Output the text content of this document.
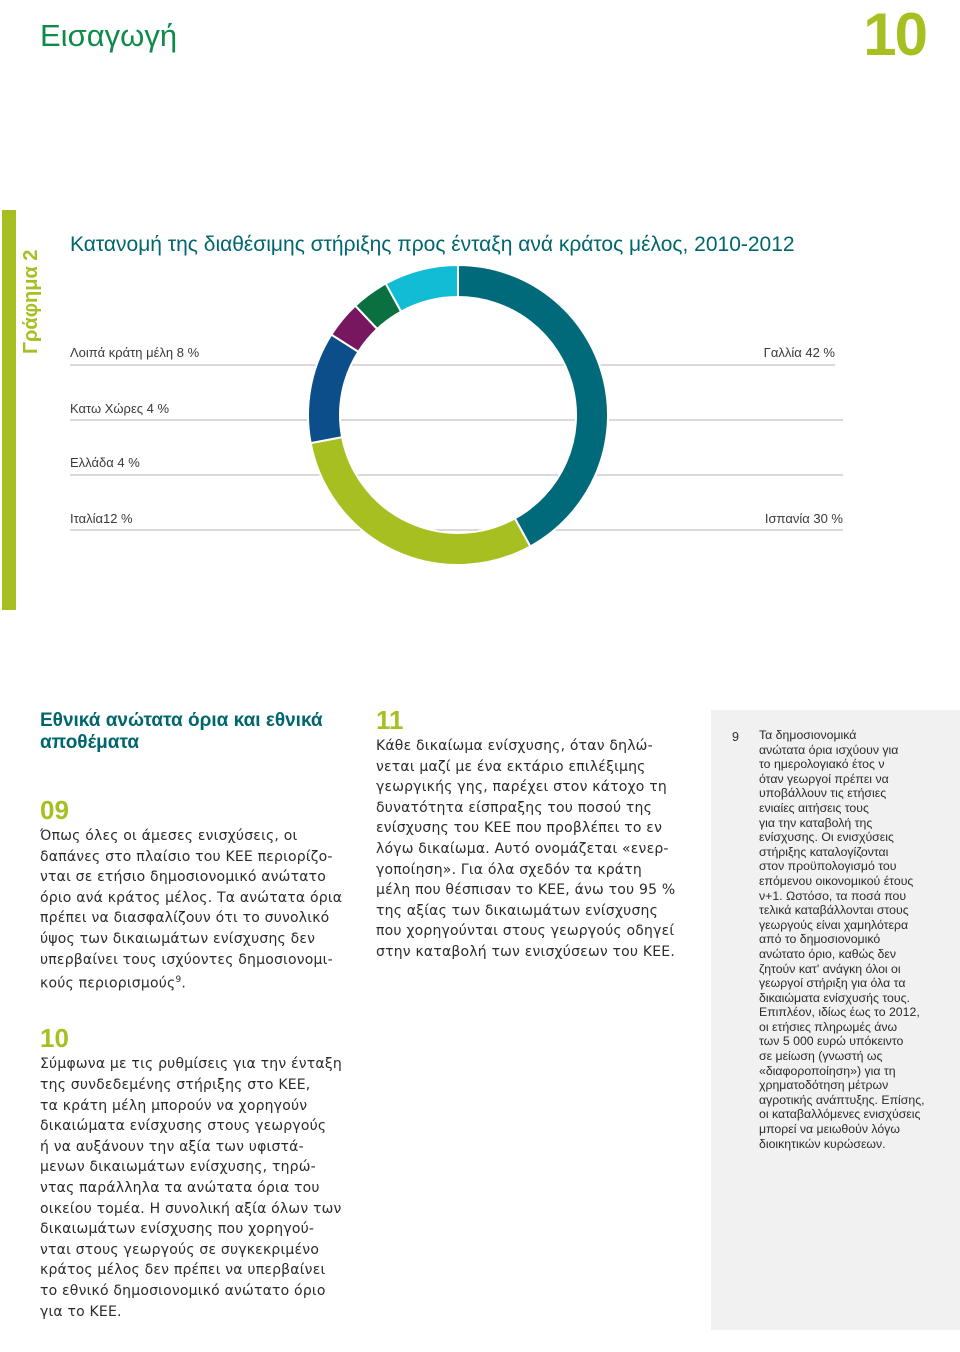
Εισαγωγή	10
Γράφημα 2
Κατανομή της διαθέσιμης στήριξης προς ένταξη ανά κράτος μέλος, 2010-2012
Γαλλία 42 %
Ισπανία 30 %
Ιταλία12 %
Ελλάδα 4 %
Κατω Χώρες 4 %
Λοιπά κράτη μέλη 8 %
Εθνικά ανώτατα όρια και εθνικά αποθέματα

09

Όπως όλες οι άμεσες ενισχύσεις, οι
δαπάνες στο πλαίσιο του ΚΕΕ περιορίζο-
νται σε ετήσιο δημοσιονομικό ανώτατο
όριο ανά κράτος μέλος. Τα ανώτατα όρια
πρέπει να διασφαλίζουν ότι το συνολικό
ύψος των δικαιωμάτων ενίσχυσης δεν
υπερβαίνει τους ισχύοντες δημοσιονομι-
κούς περιορισμούς$^9$.

10

Σύμφωνα με τις ρυθμίσεις για την ένταξη
της συνδεδεμένης στήριξης στο ΚΕΕ,
τα κράτη μέλη μπορούν να χορηγούν
δικαιώματα ενίσχυσης στους γεωργούς
ή να αυξάνουν την αξία των υφιστά-
μενων δικαιωμάτων ενίσχυσης, τηρώ-
ντας παράλληλα τα ανώτατα όρια του
οικείου τομέα. Η συνολική αξία όλων των
δικαιωμάτων ενίσχυσης που χορηγού-
νται στους γεωργούς σε συγκεκριμένο
κράτος μέλος δεν πρέπει να υπερβαίνει
το εθνικό δημοσιονομικό ανώτατο όριο
για το ΚΕΕ.

11

Κάθε δικαίωμα ενίσχυσης, όταν δηλώ-
νεται μαζί με ένα εκτάριο επιλέξιμης
γεωργικής γης, παρέχει στον κάτοχο τη
δυνατότητα είσπραξης του ποσού της
ενίσχυσης του ΚΕΕ που προβλέπει το εν
λόγω δικαίωμα. Αυτό ονομάζεται «ενερ-
γοποίηση». Για όλα σχεδόν τα κράτη
μέλη που θέσπισαν το ΚΕΕ, άνω του 95 %
της αξίας των δικαιωμάτων ενίσχυσης
που χορηγούνται στους γεωργούς οδηγεί
στην καταβολή των ενισχύσεων του ΚΕΕ.

9 Τα δημοσιονομικά
ανώτατα όρια ισχύουν για
το ημερολογιακό έτος ν
όταν γεωργοί πρέπει να
υποβάλλουν τις ετήσιες
ενιαίες αιτήσεις τους
για την καταβολή της
ενίσχυσης. Οι ενισχύσεις
στήριξης καταλογίζονται
στον προϋπολογισμό του
επόμενου οικονομικού έτους
ν+1. Ωστόσο, τα ποσά που
τελικά καταβάλλονται στους
γεωργούς είναι χαμηλότερα
από το δημοσιονομικό
ανώτατο όριο, καθώς δεν
ζητούν κατ' ανάγκη όλοι οι
γεωργοί στήριξη για όλα τα
δικαιώματα ενίσχυσής τους.
Επιπλέον, ιδίως έως το 2012,
οι ετήσιες πληρωμές άνω
των 5 000 ευρώ υπόκειντο
σε μείωση (γνωστή ως
«διαφοροποίηση») για τη
χρηματοδότηση μέτρων
αγροτικής ανάπτυξης. Επίσης,
οι καταβαλλόμενες ενισχύσεις
μπορεί να μειωθούν λόγω
διοικητικών κυρώσεων.
